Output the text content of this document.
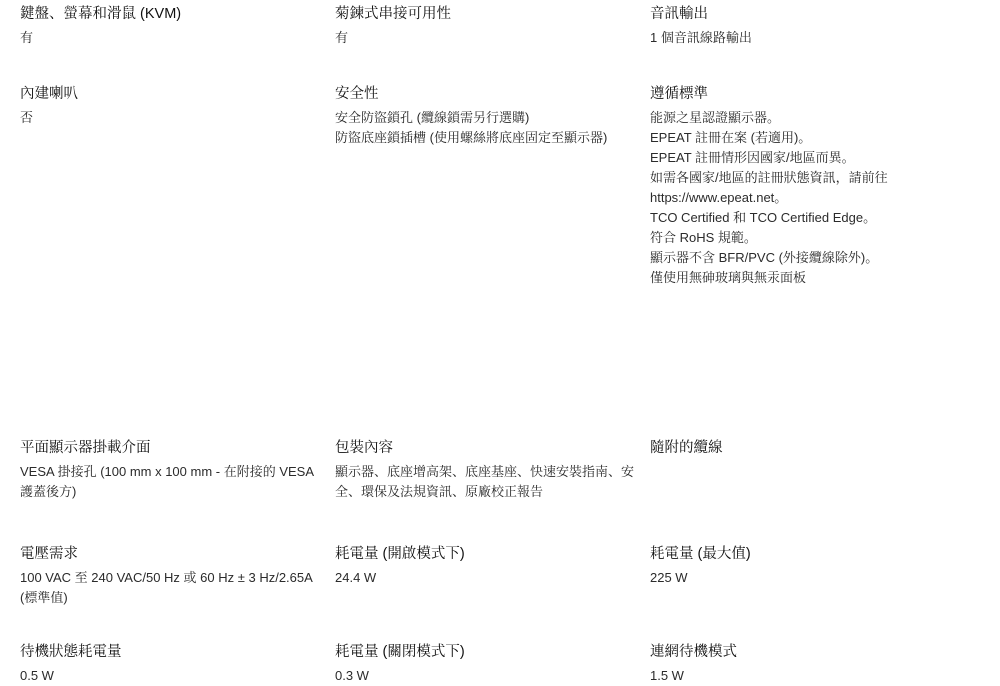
鍵盤、螢幕和滑鼠 (KVM)

有

菊鍊式串接可用性

有

音訊輸出

1 個音訊線路輸出

內建喇叭

否

安全性

安全防盜鎖孔 (纜線鎖需另行選購)

防盜底座鎖插槽 (使用螺絲將底座固定至顯示器)

遵循標準

能源之星認證顯示器。

EPEAT 註冊在案 (若適用)。

EPEAT 註冊情形因國家/地區而異。

如需各國家/地區的註冊狀態資訊，請前往

https://www.epeat.net。

TCO Certified 和 TCO Certified Edge。

符合 RoHS 規範。

顯示器不含 BFR/PVC (外接纜線除外)。

僅使用無砷玻璃與無汞面板

平面顯示器掛載介面

VESA 掛接孔 (100 mm x 100 mm - 在附接的 VESA

護蓋後方)

包裝內容

顯示器、底座增高架、底座基座、快速安裝指南、安

全、環保及法規資訊、原廠校正報告

隨附的纜線

電壓需求

100 VAC 至 240 VAC/50 Hz 或 60 Hz ± 3 Hz/2.65A

(標準值)

耗電量 (開啟模式下)

24.4 W

耗電量 (最大值)

225 W

待機狀態耗電量

0.5 W

耗電量 (關閉模式下)

0.3 W

連網待機模式

1.5 W
